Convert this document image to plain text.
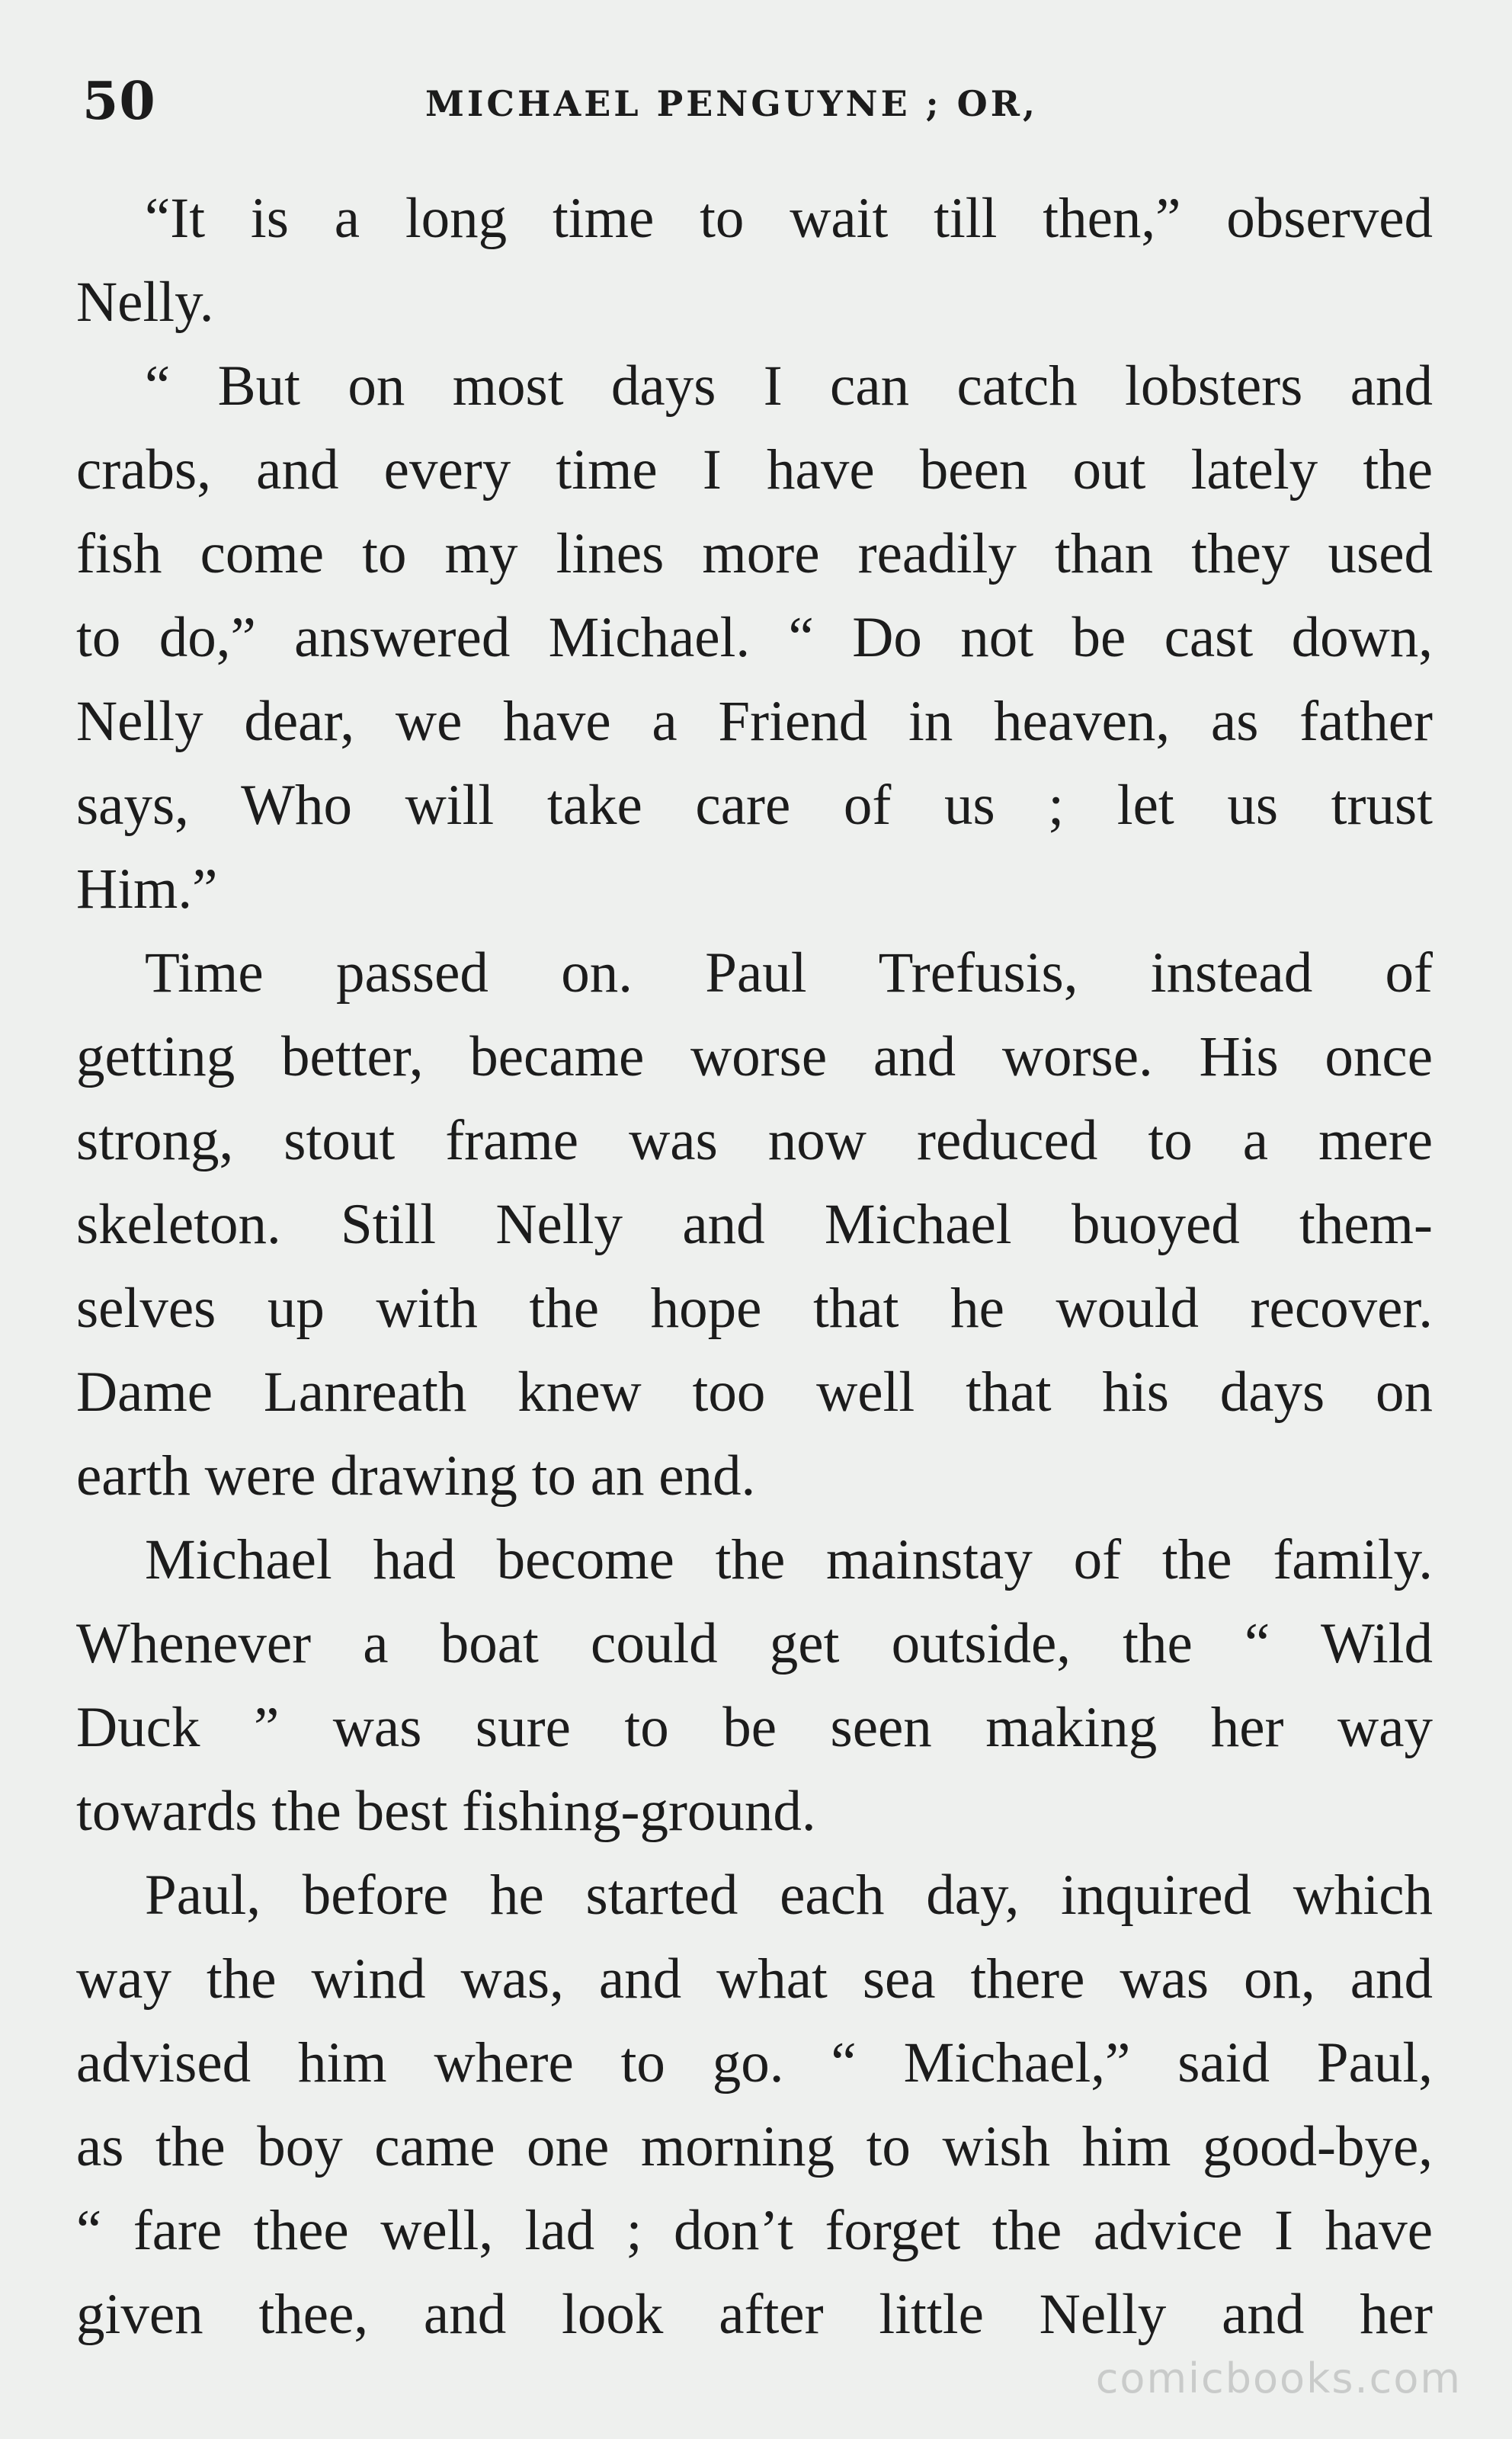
50	MICHAEL PENGUYNE ; OR,
“It is a long time to wait till then,” observed
Nelly.
“ But on most days I can catch lobsters and
crabs, and every time I have been out lately the
fish come to my lines more readily than they used
to do,” answered Michael. “ Do not be cast down,
Nelly dear, we have a Friend in heaven, as father
says, Who will take care of us ; let us trust
Him.”
Time passed on. Paul Trefusis, instead of
getting better, became worse and worse. His once
strong, stout frame was now reduced to a mere
skeleton. Still Nelly and Michael buoyed them-
selves up with the hope that he would recover.
Dame Lanreath knew too well that his days on
earth were drawing to an end.
Michael had become the mainstay of the family.
Whenever a boat could get outside, the “ Wild
Duck ” was sure to be seen making her way
towards the best fishing-ground.
Paul, before he started each day, inquired which
way the wind was, and what sea there was on, and
advised him where to go. “ Michael,” said Paul,
as the boy came one morning to wish him good-bye,
“ fare thee well, lad ; don’t forget the advice I have
given thee, and look after little Nelly and her
comicbooks.com
